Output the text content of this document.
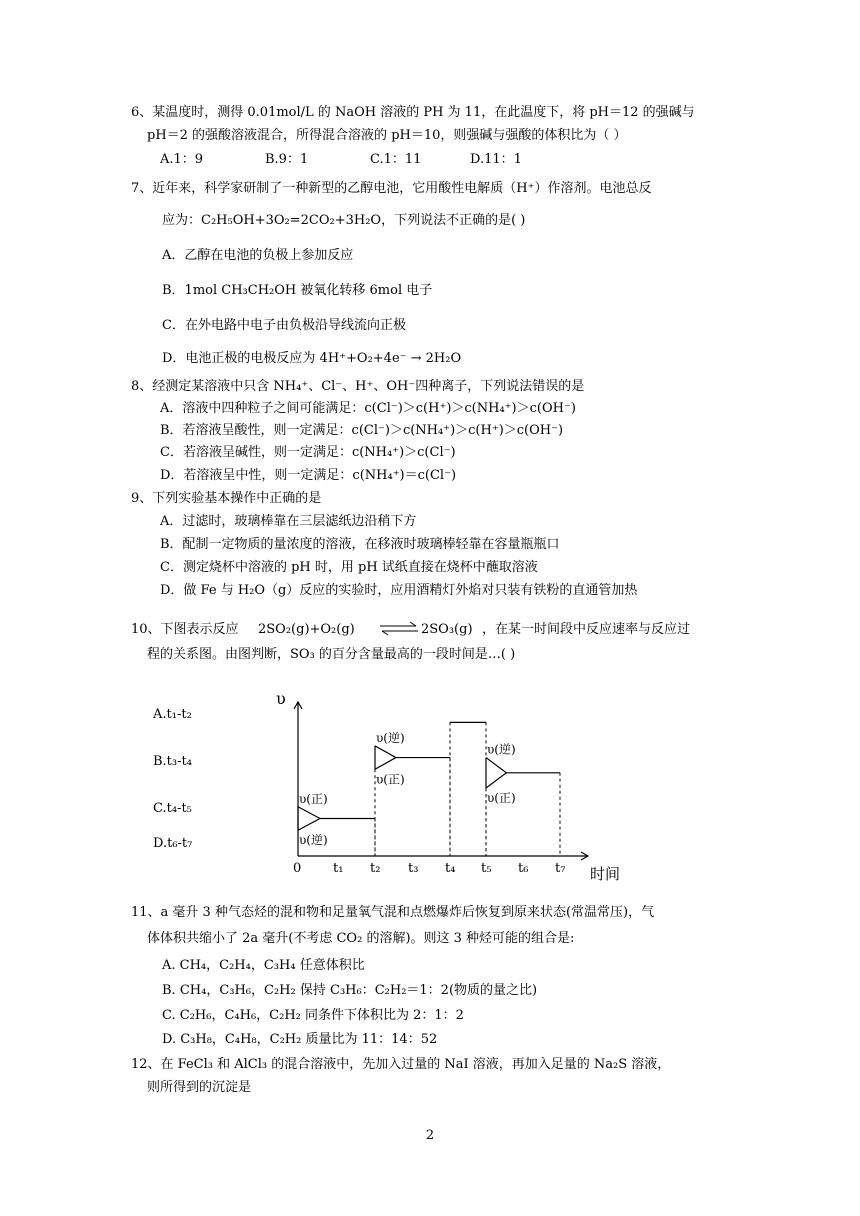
6、某温度时，测得 0.01mol/L 的 NaOH 溶液的 PH 为 11，在此温度下，将 pH＝12 的强碱与
pH＝2 的强酸溶液混合，所得混合溶液的 pH＝10，则强碱与强酸的体积比为（ ）
A.1：9	B.9：1	C.1：11	D.11：1
7、近年来，科学家研制了一种新型的乙醇电池，它用酸性电解质（H⁺）作溶剂。电池总反
应为：C₂H₅OH+3O₂=2CO₂+3H₂O，下列说法不正确的是( )
A．乙醇在电池的负极上参加反应
B．1mol CH₃CH₂OH 被氧化转移 6mol 电子
C．在外电路中电子由负极沿导线流向正极
D．电池正极的电极反应为 4H⁺+O₂+4e⁻ → 2H₂O
8、经测定某溶液中只含 NH₄⁺、Cl⁻、H⁺、OH⁻四种离子，下列说法错误的是
A．溶液中四种粒子之间可能满足：c(Cl⁻)＞c(H⁺)＞c(NH₄⁺)＞c(OH⁻)
B．若溶液呈酸性，则一定满足：c(Cl⁻)＞c(NH₄⁺)＞c(H⁺)＞c(OH⁻)
C．若溶液呈碱性，则一定满足：c(NH₄⁺)＞c(Cl⁻)
D．若溶液呈中性，则一定满足：c(NH₄⁺)＝c(Cl⁻)
9、下列实验基本操作中正确的是
A．过滤时，玻璃棒靠在三层滤纸边沿稍下方
B．配制一定物质的量浓度的溶液，在移液时玻璃棒轻靠在容量瓶瓶口
C．测定烧杯中溶液的 pH 时，用 pH 试纸直接在烧杯中蘸取溶液
D．做 Fe 与 H₂O（g）反应的实验时，应用酒精灯外焰对只装有铁粉的直通管加热
10、下图表示反应 2SO₂(g)+O₂(g) ⇌ 2SO₃(g) ，在某一时间段中反应速率与反应过
程的关系图。由图判断，SO₃ 的百分含量最高的一段时间是…( )
A.t₁-t₂
B.t₃-t₄
C.t₄-t₅
D.t₆-t₇
υ
时间
0 t₁ t₂ t₃ t₄ t₅ t₆ t₇
υ(正)
υ(逆)
υ(逆)
υ(正)
υ(逆)
υ(正)
11、a 毫升 3 种气态烃的混和物和足量氧气混和点燃爆炸后恢复到原来状态(常温常压)，气
体体积共缩小了 2a 毫升(不考虑 CO₂ 的溶解)。则这 3 种烃可能的组合是:
A. CH₄，C₂H₄，C₃H₄ 任意体积比
B. CH₄，C₃H₆，C₂H₂ 保持 C₃H₆：C₂H₂＝1：2(物质的量之比)
C. C₂H₆，C₄H₆，C₂H₂ 同条件下体积比为 2：1：2
D. C₃H₈，C₄H₈，C₂H₂ 质量比为 11：14：52
12、在 FeCl₃ 和 AlCl₃ 的混合溶液中，先加入过量的 NaI 溶液，再加入足量的 Na₂S 溶液，
则所得到的沉淀是
2
